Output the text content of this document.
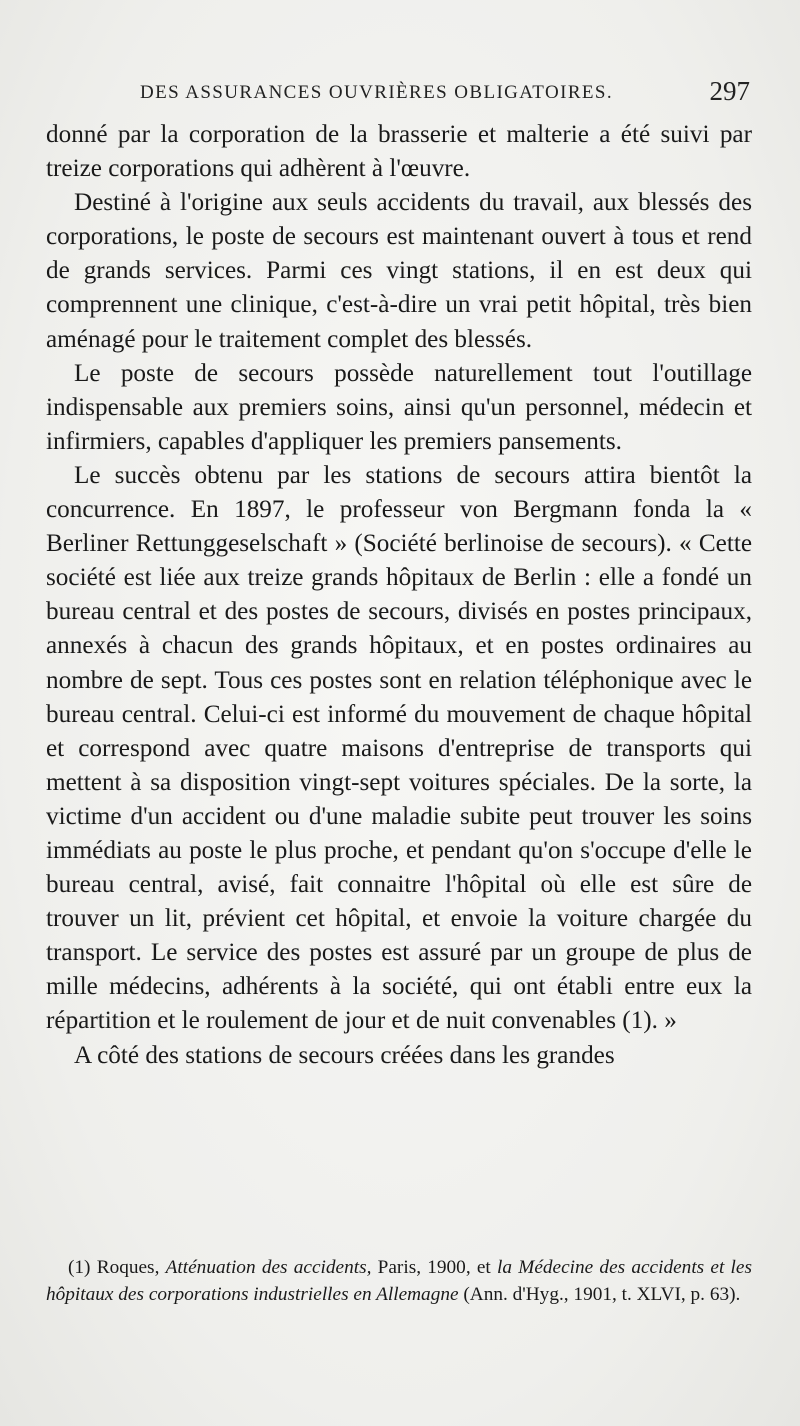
DES ASSURANCES OUVRIÈRES OBLIGATOIRES.	297

donné par la corporation de la brasserie et malterie a été suivi par treize corporations qui adhèrent à l'œuvre.

Destiné à l'origine aux seuls accidents du travail, aux blessés des corporations, le poste de secours est maintenant ouvert à tous et rend de grands services. Parmi ces vingt stations, il en est deux qui comprennent une clinique, c'est-à-dire un vrai petit hôpital, très bien aménagé pour le traitement complet des blessés.

Le poste de secours possède naturellement tout l'outillage indispensable aux premiers soins, ainsi qu'un personnel, médecin et infirmiers, capables d'appliquer les premiers pansements.

Le succès obtenu par les stations de secours attira bientôt la concurrence. En 1897, le professeur von Bergmann fonda la « Berliner Rettunggeselschaft » (Société berlinoise de secours). « Cette société est liée aux treize grands hôpitaux de Berlin : elle a fondé un bureau central et des postes de secours, divisés en postes principaux, annexés à chacun des grands hôpitaux, et en postes ordinaires au nombre de sept. Tous ces postes sont en relation téléphonique avec le bureau central. Celui-ci est informé du mouvement de chaque hôpital et correspond avec quatre maisons d'entreprise de transports qui mettent à sa disposition vingt-sept voitures spéciales. De la sorte, la victime d'un accident ou d'une maladie subite peut trouver les soins immédiats au poste le plus proche, et pendant qu'on s'occupe d'elle le bureau central, avisé, fait connaitre l'hôpital où elle est sûre de trouver un lit, prévient cet hôpital, et envoie la voiture chargée du transport. Le service des postes est assuré par un groupe de plus de mille médecins, adhérents à la société, qui ont établi entre eux la répartition et le roulement de jour et de nuit convenables (1). »

A côté des stations de secours créées dans les grandes

(1) Roques, Atténuation des accidents, Paris, 1900, et la Médecine des accidents et les hôpitaux des corporations industrielles en Allemagne (Ann. d'Hyg., 1901, t. XLVI, p. 63).
